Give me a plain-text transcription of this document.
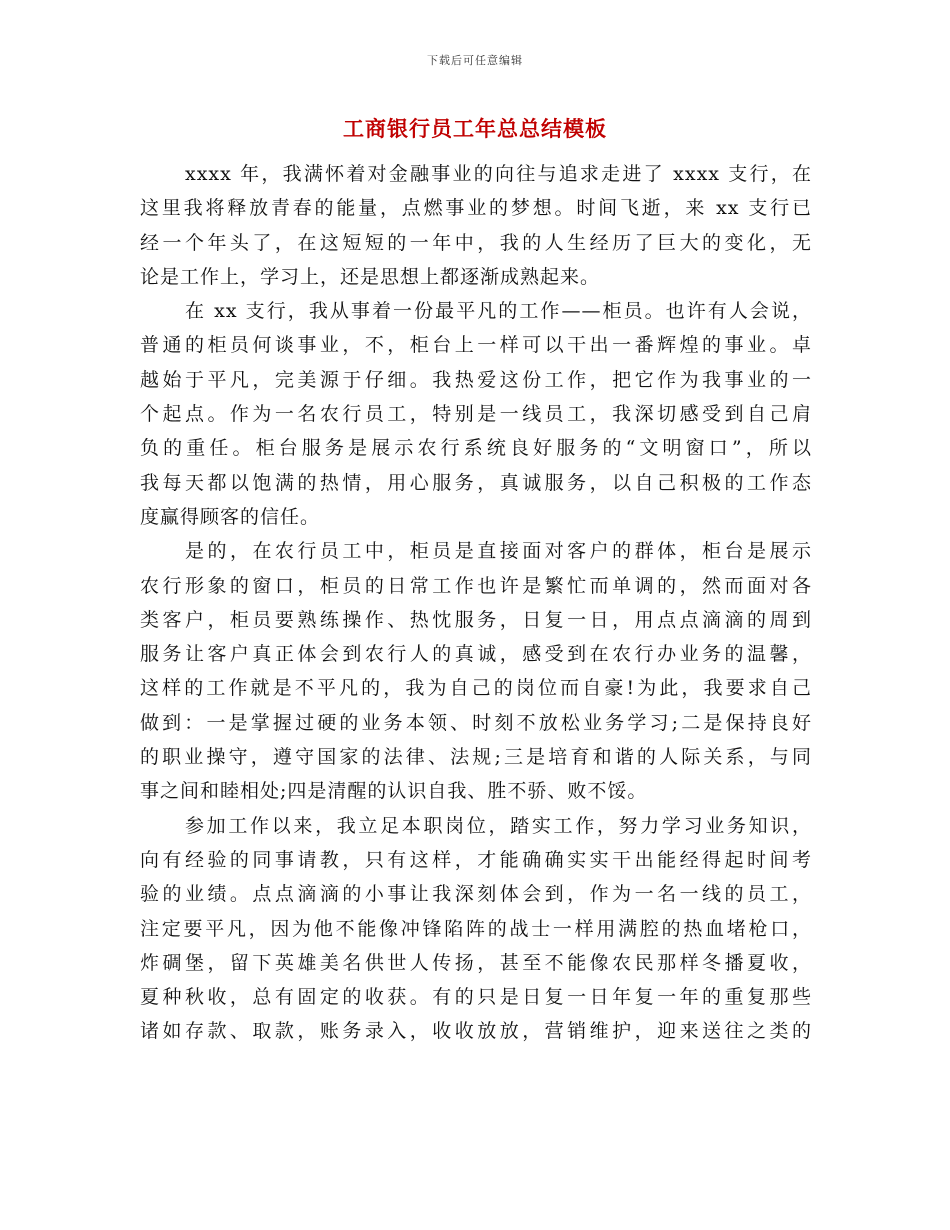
下载后可任意编辑
工商银行员工年总总结模板
xxxx 年，我满怀着对金融事业的向往与追求走进了 xxxx 支行，在
这里我将释放青春的能量，点燃事业的梦想。时间飞逝，来 xx 支行已
经一个年头了，在这短短的一年中，我的人生经历了巨大的变化，无
论是工作上，学习上，还是思想上都逐渐成熟起来。
在 xx 支行，我从事着一份最平凡的工作——柜员。也许有人会说，
普通的柜员何谈事业，不，柜台上一样可以干出一番辉煌的事业。卓
越始于平凡，完美源于仔细。我热爱这份工作，把它作为我事业的一
个起点。作为一名农行员工，特别是一线员工，我深切感受到自己肩
负的重任。柜台服务是展示农行系统良好服务的“文明窗口”，所以
我每天都以饱满的热情，用心服务，真诚服务，以自己积极的工作态
度赢得顾客的信任。
是的，在农行员工中，柜员是直接面对客户的群体，柜台是展示
农行形象的窗口，柜员的日常工作也许是繁忙而单调的，然而面对各
类客户，柜员要熟练操作、热忱服务，日复一日，用点点滴滴的周到
服务让客户真正体会到农行人的真诚，感受到在农行办业务的温馨，
这样的工作就是不平凡的，我为自己的岗位而自豪!为此，我要求自己
做到：一是掌握过硬的业务本领、时刻不放松业务学习;二是保持良好
的职业操守，遵守国家的法律、法规;三是培育和谐的人际关系，与同
事之间和睦相处;四是清醒的认识自我、胜不骄、败不馁。
参加工作以来，我立足本职岗位，踏实工作，努力学习业务知识，
向有经验的同事请教，只有这样，才能确确实实干出能经得起时间考
验的业绩。点点滴滴的小事让我深刻体会到，作为一名一线的员工，
注定要平凡，因为他不能像冲锋陷阵的战士一样用满腔的热血堵枪口，
炸碉堡，留下英雄美名供世人传扬，甚至不能像农民那样冬播夏收，
夏种秋收，总有固定的收获。有的只是日复一日年复一年的重复那些
诸如存款、取款，账务录入，收收放放，营销维护，迎来送往之类的
